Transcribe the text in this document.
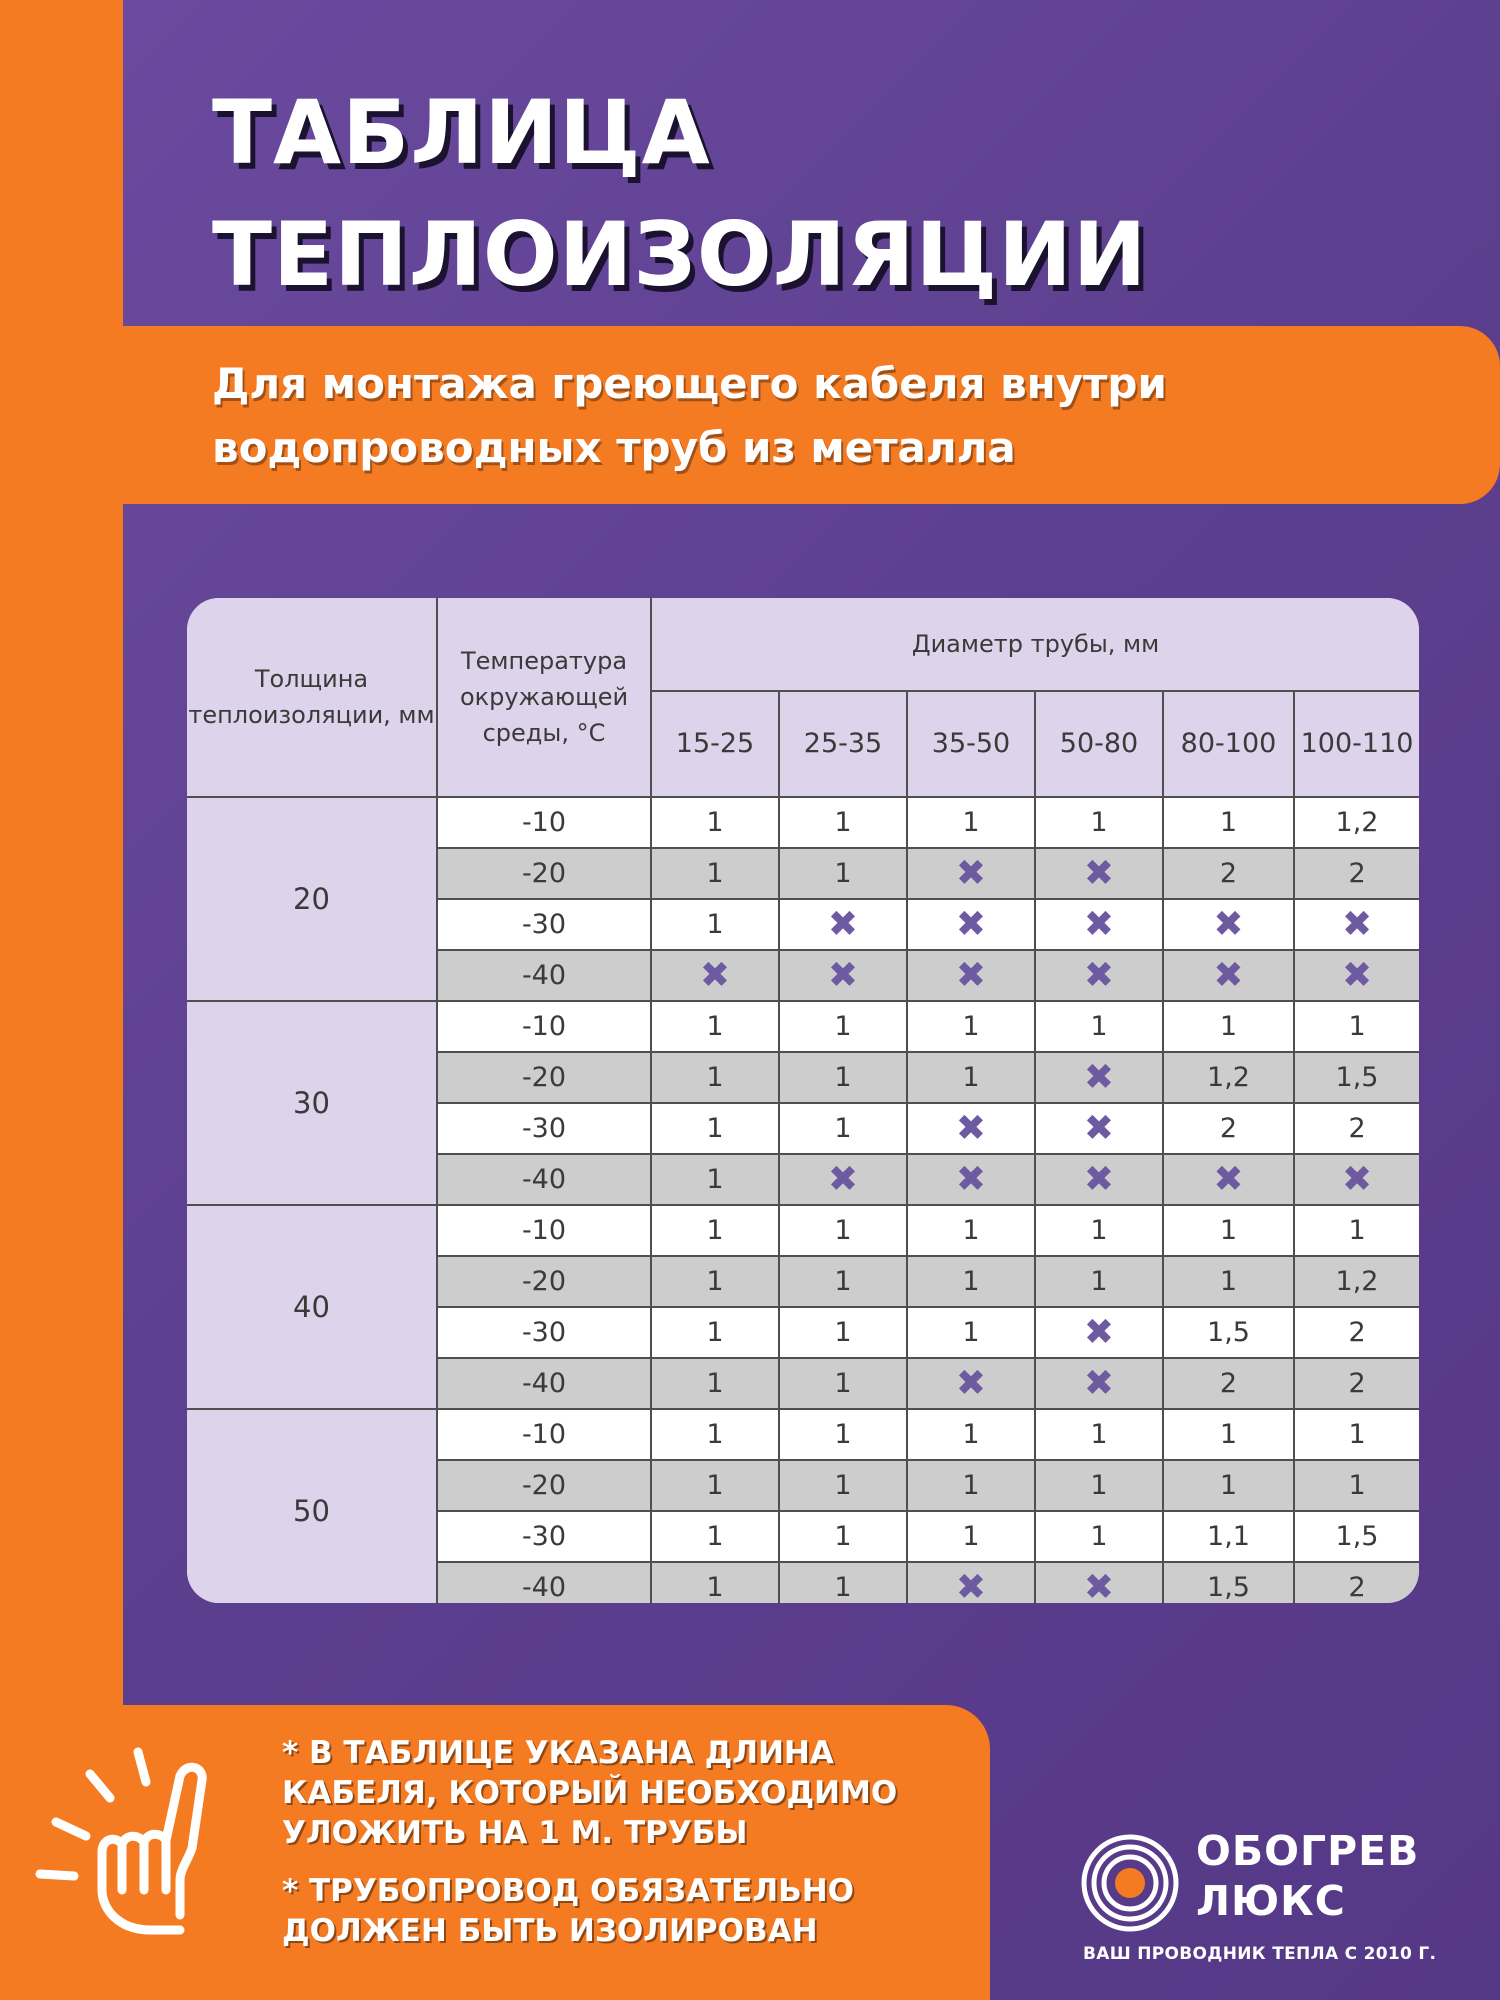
ТАБЛИЦА
ТЕПЛОИЗОЛЯЦИИ

Для монтажа греющего кабеля внутри
водопроводных труб из металла

Толщина теплоизоляции, мм	Температура окружающей среды, °С	Диаметр трубы, мм					
		15-25	25-35	35-50	50-80	80-100	100-110
20	-10	1	1	1	1	1	1,2
	-20	1	1	✖	✖	2	2
	-30	1	✖	✖	✖	✖	✖
	-40	✖	✖	✖	✖	✖	✖
30	-10	1	1	1	1	1	1
	-20	1	1	1	✖	1,2	1,5
	-30	1	1	✖	✖	2	2
	-40	1	✖	✖	✖	✖	✖
40	-10	1	1	1	1	1	1
	-20	1	1	1	1	1	1,2
	-30	1	1	1	✖	1,5	2
	-40	1	1	✖	✖	2	2
50	-10	1	1	1	1	1	1
	-20	1	1	1	1	1	1
	-30	1	1	1	1	1,1	1,5
	-40	1	1	✖	✖	1,5	2

* В ТАБЛИЦЕ УКАЗАНА ДЛИНА КАБЕЛЯ, КОТОРЫЙ НЕОБХОДИМО УЛОЖИТЬ НА 1 М. ТРУБЫ

* ТРУБОПРОВОД ОБЯЗАТЕЛЬНО ДОЛЖЕН БЫТЬ ИЗОЛИРОВАН

ОБОГРЕВ
ЛЮКС

ВАШ ПРОВОДНИК ТЕПЛА С 2010 Г.
